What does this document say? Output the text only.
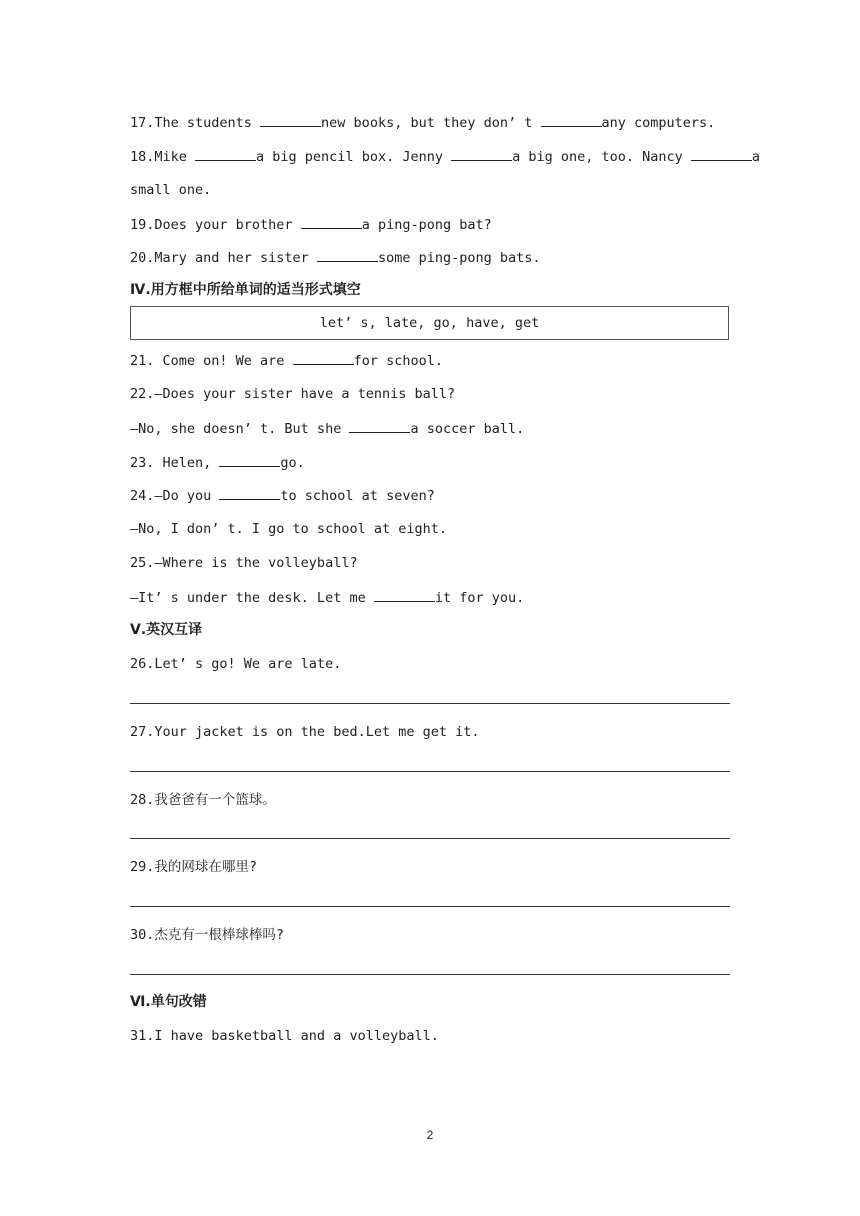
17.The students	new books, but they don’ t	any computers.
18.Mike	a big pencil box. Jenny	a big one, too. Nancy	a
small one.
19.Does your brother	a ping-pong bat?
20.Mary and her sister	some ping-pong bats.
Ⅳ.用方框中所给单词的适当形式填空
let’ s, late, go, have, get
21. Come on! We are	for school.
22.—Does your sister have a tennis ball?
—No, she doesn’ t. But she	a soccer ball.
23. Helen,	go.
24.—Do you	to school at seven?
—No, I don’ t. I go to school at eight.
25.—Where is the volleyball?
—It’ s under the desk. Let me	it for you.
Ⅴ.英汉互译
26.Let’ s go! We are late.
27.Your jacket is on the bed.Let me get it.
28.我爸爸有一个篮球。
29.我的网球在哪里?
30.杰克有一根棒球棒吗?
Ⅵ.单句改错
31.I have basketball and a volleyball.
2
